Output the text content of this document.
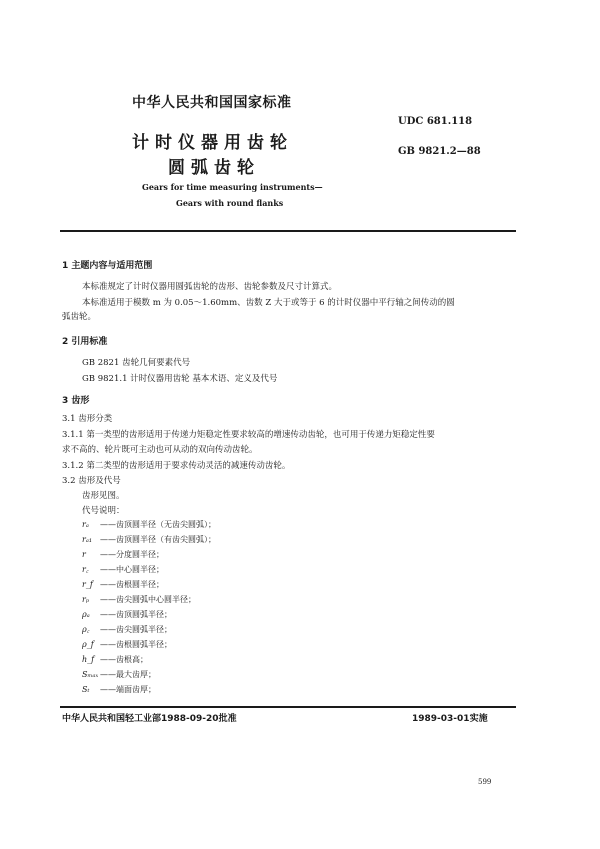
中华人民共和国国家标准
计时仪器用齿轮
圆弧齿轮
UDC 681.118
GB 9821.2—88
Gears for time measuring instruments—
Gears with round flanks
1 主题内容与适用范围
本标准规定了计时仪器用圆弧齿轮的齿形、齿轮参数及尺寸计算式。
本标准适用于模数 m 为 0.05～1.60mm、齿数 Z 大于或等于 6 的计时仪器中平行轴之间传动的圆
弧齿轮。
2 引用标准
GB 2821 齿轮几何要素代号
GB 9821.1 计时仪器用齿轮 基本术语、定义及代号
3 齿形
3.1 齿形分类
3.1.1 第一类型的齿形适用于传递力矩稳定性要求较高的增速传动齿轮，也可用于传递力矩稳定性要
求不高的、轮片既可主动也可从动的双向传动齿轮。
3.1.2 第二类型的齿形适用于要求传动灵活的减速传动齿轮。
3.2 齿形及代号
齿形见图。
代号说明：
rₐ ——齿顶圆半径（无齿尖圆弧）；
rₐ₁ ——齿顶圆半径（有齿尖圆弧）；
r ——分度圆半径；
r꜀ ——中心圆半径；
r_f ——齿根圆半径；
rₚ ——齿尖圆弧中心圆半径；
ρₐ ——齿顶圆弧半径；
ρ꜀ ——齿尖圆弧半径；
ρ_f ——齿根圆弧半径；
h_f ——齿根高；
Sₘₐₓ ——最大齿厚；
Sₜ ——端面齿厚；
中华人民共和国轻工业部1988-09-20批准	1989-03-01实施
599
